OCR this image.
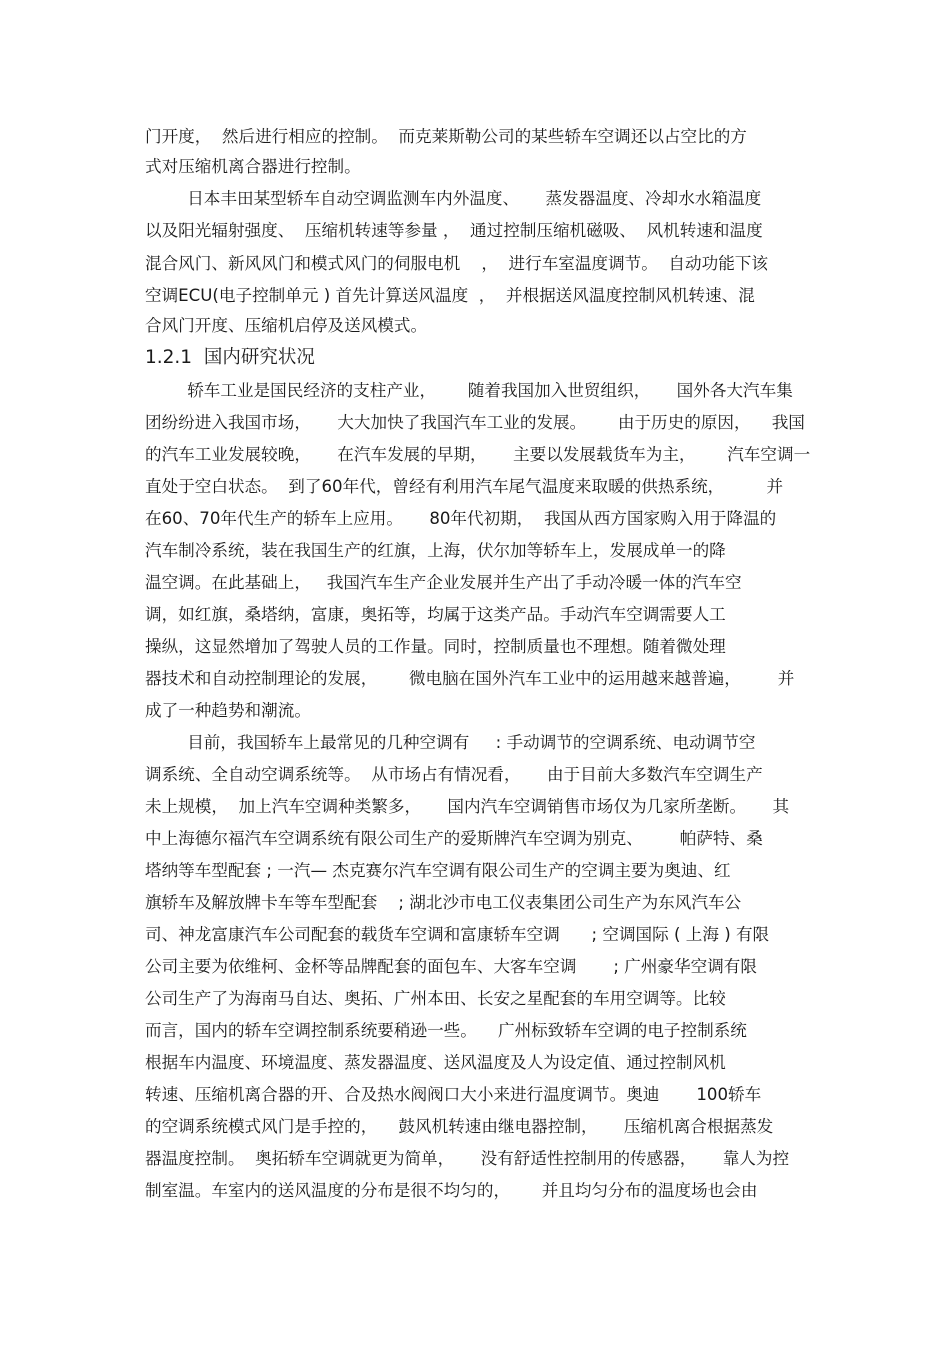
门开度，  然后进行相应的控制。  而克莱斯勒公司的某些轿车空调还以占空比的方

式对压缩机离合器进行控制。

日本丰田某型轿车自动空调监测车内外温度、     蒸发器温度、冷却水水箱温度

以及阳光辐射强度、  压缩机转速等参量 ，  通过控制压缩机磁吸、  风机转速和温度

混合风门、新风风门和模式风门的伺服电机    ，  进行车室温度调节。  自动功能下该

空调ECU(电子控制单元 ) 首先计算送风温度  ，  并根据送风温度控制风机转速、混

合风门开度、压缩机启停及送风模式。

1.2.1  国内研究状况

轿车工业是国民经济的支柱产业，      随着我国加入世贸组织，     国外各大汽车集

团纷纷进入我国市场，     大大加快了我国汽车工业的发展。      由于历史的原因，    我国

的汽车工业发展较晚，     在汽车发展的早期，     主要以发展载货车为主，      汽车空调一

直处于空白状态。  到了60年代，曾经有利用汽车尾气温度来取暖的供热系统，        并

在60、70年代生产的轿车上应用。     80年代初期，  我国从西方国家购入用于降温的

汽车制冷系统，装在我国生产的红旗，上海，伏尔加等轿车上，发展成单一的降

温空调。在此基础上，   我国汽车生产企业发展并生产出了手动冷暖一体的汽车空

调，如红旗，桑塔纳，富康，奥拓等，均属于这类产品。手动汽车空调需要人工

操纵，这显然增加了驾驶人员的工作量。同时，控制质量也不理想。随着微处理

器技术和自动控制理论的发展，      微电脑在国外汽车工业中的运用越来越普遍，       并

成了一种趋势和潮流。

目前，我国轿车上最常见的几种空调有     : 手动调节的空调系统、电动调节空

调系统、全自动空调系统等。  从市场占有情况看，     由于目前大多数汽车空调生产

未上规模，  加上汽车空调种类繁多，     国内汽车空调销售市场仅为几家所垄断。     其

中上海德尔福汽车空调系统有限公司生产的爱斯牌汽车空调为别克、       帕萨特、桑

塔纳等车型配套 ; 一汽— 杰克赛尔汽车空调有限公司生产的空调主要为奥迪、红

旗轿车及解放牌卡车等车型配套    ; 湖北沙市电工仪表集团公司生产为东风汽车公

司、神龙富康汽车公司配套的载货车空调和富康轿车空调      ; 空调国际 ( 上海 ) 有限

公司主要为依维柯、金杯等品牌配套的面包车、大客车空调       ; 广州豪华空调有限

公司生产了为海南马自达、奥拓、广州本田、长安之星配套的车用空调等。比较

而言，国内的轿车空调控制系统要稍逊一些。    广州标致轿车空调的电子控制系统

根据车内温度、环境温度、蒸发器温度、送风温度及人为设定值、通过控制风机

转速、压缩机离合器的开、合及热水阀阀口大小来进行温度调节。奥迪       100轿车

的空调系统模式风门是手控的，    鼓风机转速由继电器控制，     压缩机离合根据蒸发

器温度控制。  奥拓轿车空调就更为简单，     没有舒适性控制用的传感器，     靠人为控

制室温。车室内的送风温度的分布是很不均匀的，      并且均匀分布的温度场也会由
